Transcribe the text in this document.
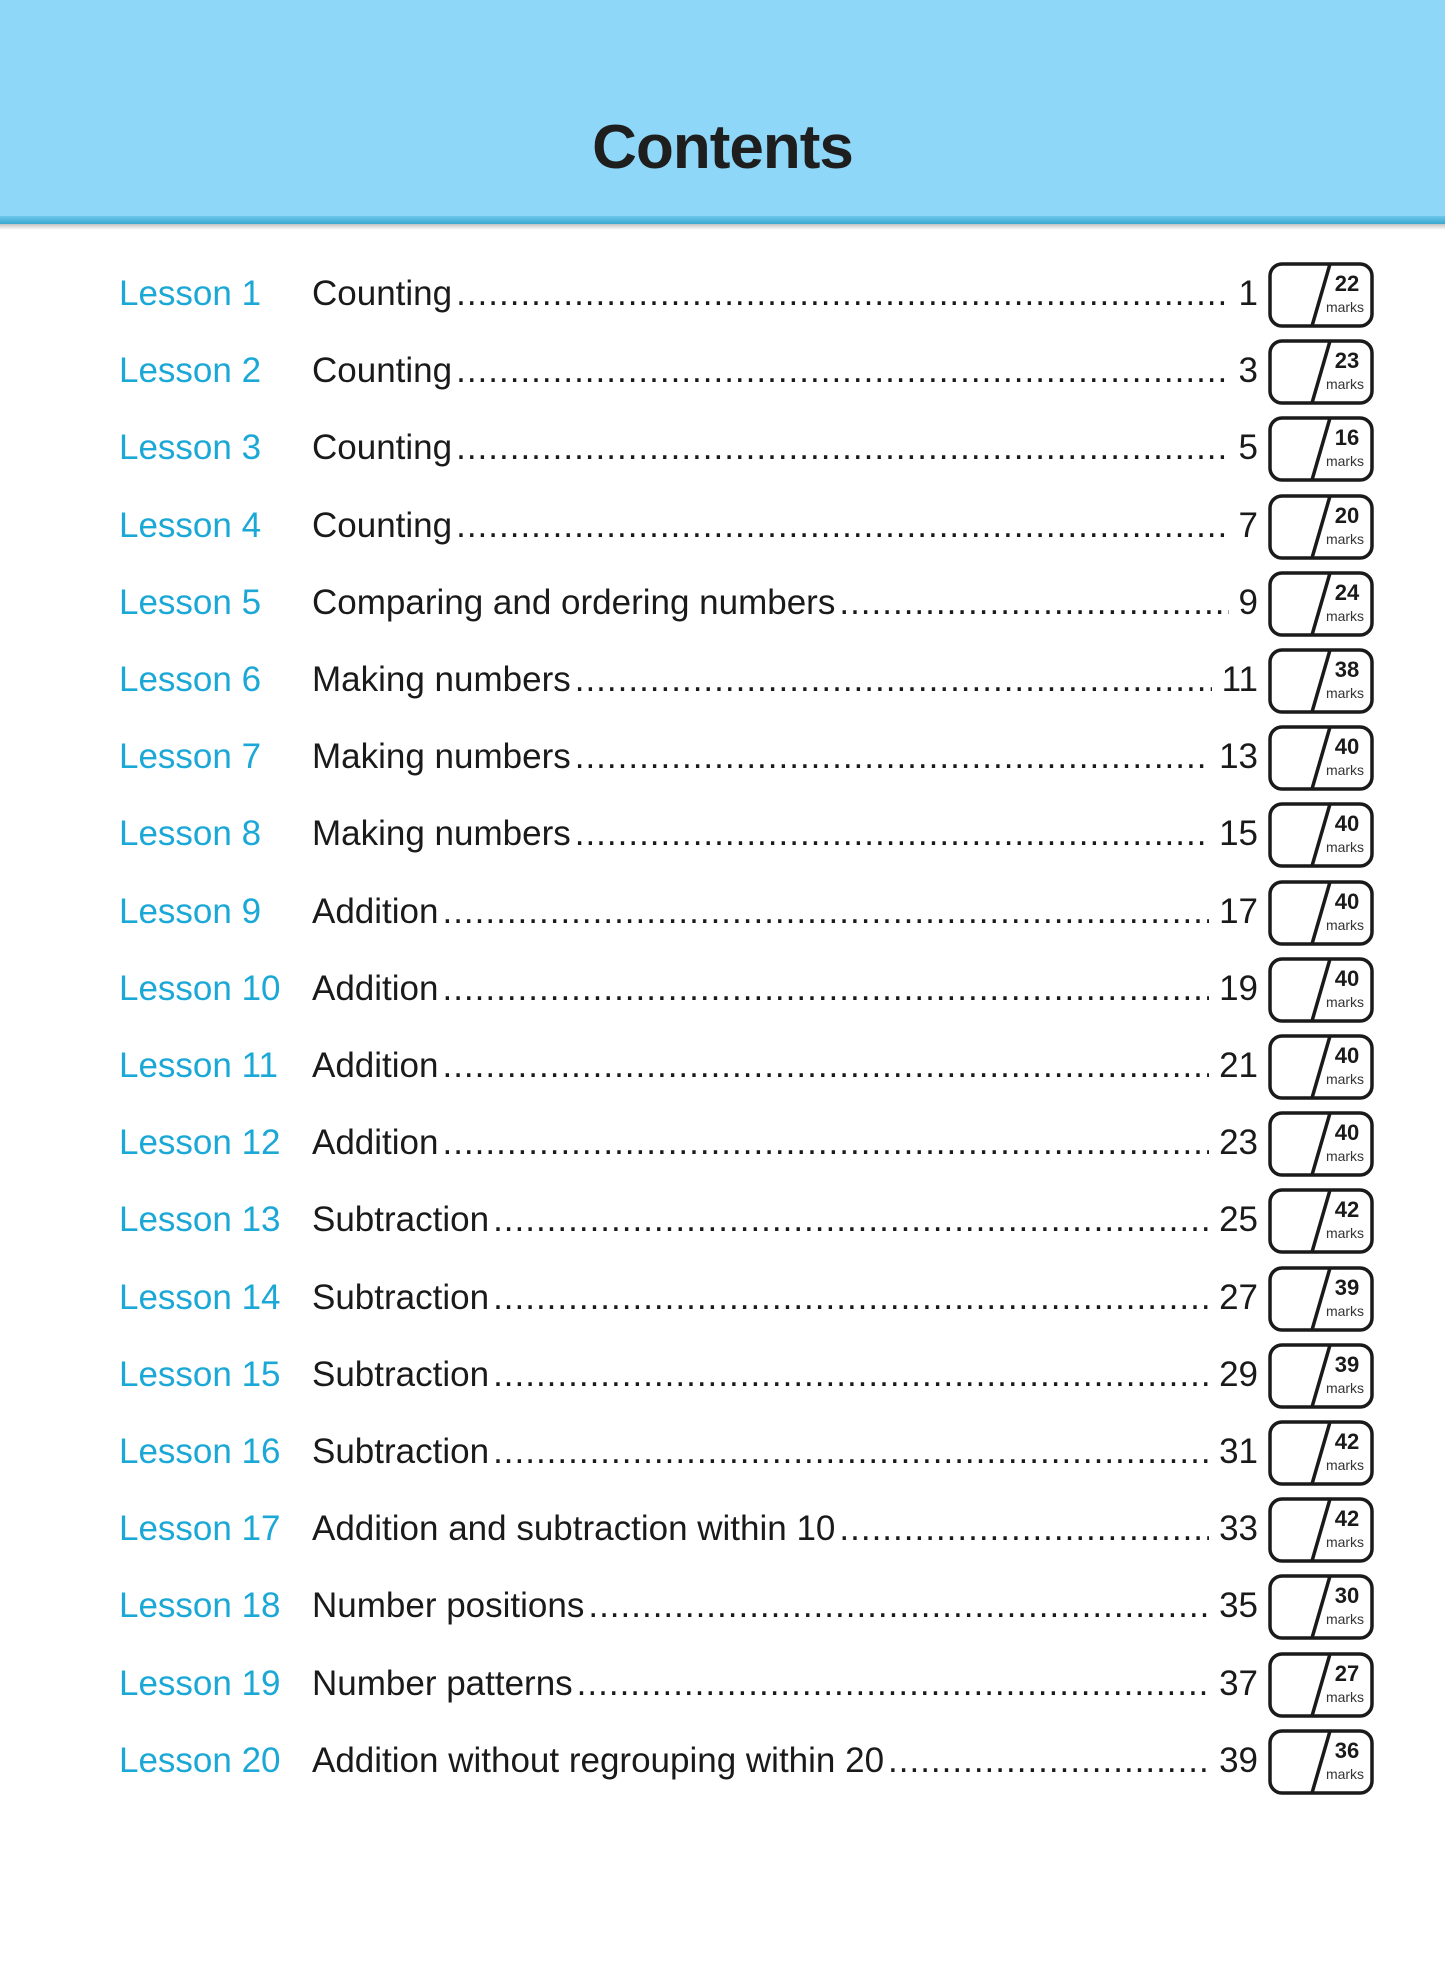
Contents
Lesson 1 Counting .....	1	22
marks
Lesson 2 Counting .....	3	23
marks
Lesson 3 Counting .....	5	16
marks
Lesson 4 Counting .....	7	20
marks
Lesson 5 Comparing and ordering numbers .....	9	24
marks
Lesson 6 Making numbers .....	11	38
marks
Lesson 7 Making numbers .....	13	40
marks
Lesson 8 Making numbers .....	15	40
marks
Lesson 9 Addition .....	17	40
marks
Lesson 10 Addition .....	19	40
marks
Lesson 11 Addition .....	21	40
marks
Lesson 12 Addition .....	23	40
marks
Lesson 13 Subtraction .....	25	42
marks
Lesson 14 Subtraction .....	27	39
marks
Lesson 15 Subtraction .....	29	39
marks
Lesson 16 Subtraction .....	31	42
marks
Lesson 17 Addition and subtraction within 10 .....	33	42
marks
Lesson 18 Number positions .....	35	30
marks
Lesson 19 Number patterns .....	37	27
marks
Lesson 20 Addition without regrouping within 20 .....	39	36
marks
